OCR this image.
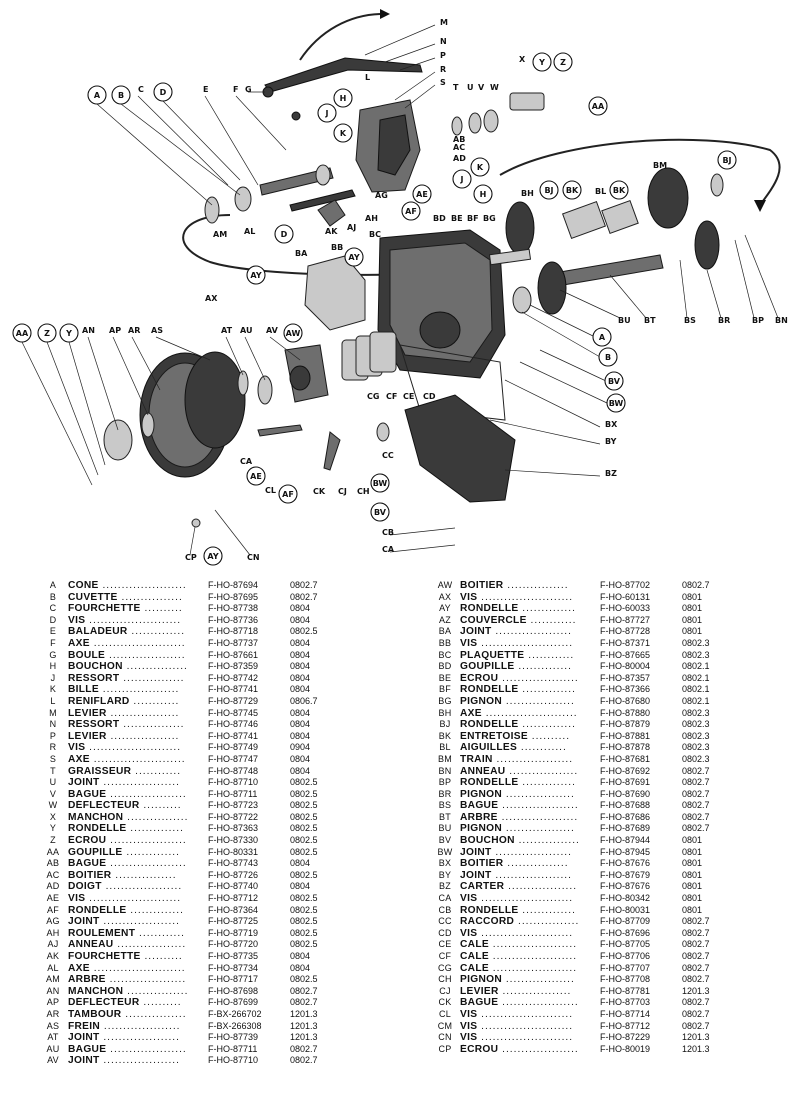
A B	D
J
H
K
K
J
H
Y Z
AA
BJ
BJ BK	BK
AE
AF
D
AY
AY
AA Z Y	AW	A
B
BV
BW
AE
AF
BW
BV
AY
C	E	F G
M
N
P
R
S
T U V W
X
L
AB
AC
AD
AG
AH
AJ
AK
AL
AM
BD BE BF BG
BH	BL
BM
BA
BB
BC
AX
AN AP AR AS	AT AU AV
BU BT	BS	BR	BP BN
CG CF CE CD
BX
BY
BZ
CA
CL	CK CJ CH
CC
CB
CA
CP	CN
A	CONE ......................	F-HO-87694	0802.7
B	CUVETTE ................	F-HO-87695	0802.7
C	FOURCHETTE ..........	F-HO-87738	0804
D	VIS ........................	F-HO-87736	0804
E	BALADEUR ..............	F-HO-87718	0802.5
F	AXE ........................	F-HO-87737	0804
G	BOULE ....................	F-HO-87661	0804
H	BOUCHON ................	F-HO-87359	0804
J	RESSORT ................	F-HO-87742	0804
K	BILLE ....................	F-HO-87741	0804
L	RENIFLARD ............	F-HO-87729	0806.7
M	LEVIER ..................	F-HO-87745	0804
N	RESSORT ................	F-HO-87746	0804
P	LEVIER ..................	F-HO-87741	0804
R	VIS ........................	F-HO-87749	0904
S	AXE ........................	F-HO-87747	0804
T	GRAISSEUR ............	F-HO-87748	0804
U	JOINT ....................	F-HO-87710	0802.5
V	BAGUE ....................	F-HO-87711	0802.5
W	DÉFLECTEUR ..........	F-HO-87723	0802.5
X	MANCHON ................	F-HO-87722	0802.5
Y	RONDELLE ..............	F-HO-87363	0802.5
Z	ÉCROU ....................	F-HO-87330	0802.5
AA GOUPILLE ..............	F-HO-80331	0802.5
AB BAGUE ....................	F-HO-87743	0804
AC BOITIER ................	F-HO-87726	0802.5
AD DOIGT ....................	F-HO-87740	0804
AE VIS ........................	F-HO-87712	0802.5
AF RONDELLE ..............	F-HO-87364	0802.5
AG JOINT ....................	F-HO-87725	0802.5
AH ROULEMENT ............	F-HO-87719	0802.5
AJ ANNEAU ..................	F-HO-87720	0802.5
AK FOURCHETTE ..........	F-HO-87735	0804
AL AXE ........................	F-HO-87734	0804
AM ARBRE ....................	F-HO-87717	0802.5
AN MANCHON ................	F-HO-87698	0802.7
AP DÉFLECTEUR ..........	F-HO-87699	0802.7
AR TAMBOUR ................	F-BX-266702	1201.3
AS FREIN ....................	F-BX-266308	1201.3
AT JOINT ....................	F-HO-87739	1201.3
AU BAGUE ....................	F-HO-87711	0802.7
AV JOINT ....................	F-HO-87710	0802.7
AW BOITIER ................	F-HO-87702	0802.7
AX VIS ........................	F-HO-60131	0801
AY RONDELLE ..............	F-HO-60033	0801
AZ COUVERCLE ............	F-HO-87727	0801
BA JOINT ....................	F-HO-87728	0801
BB VIS ........................	F-HO-87371	0802.3
BC PLAQUETTE ............	F-HO-87665	0802.3
BD GOUPILLE ..............	F-HO-80004	0802.1
BE ÉCROU ....................	F-HO-87357	0802.1
BF RONDELLE ..............	F-HO-87366	0802.1
BG PIGNON ..................	F-HO-87680	0802.1
BH AXE ........................	F-HO-87880	0802.3
BJ RONDELLE ..............	F-HO-87879	0802.3
BK ENTRETOISE ..........	F-HO-87881	0802.3
BL AIGUILLES ............	F-HO-87878	0802.3
BM TRAIN ....................	F-HO-87681	0802.3
BN ANNEAU ..................	F-HO-87692	0802.7
BP RONDELLE ..............	F-HO-87691	0802.7
BR PIGNON ..................	F-HO-87690	0802.7
BS BAGUE ....................	F-HO-87688	0802.7
BT ARBRE ....................	F-HO-87686	0802.7
BU PIGNON ..................	F-HO-87689	0802.7
BV BOUCHON ................	F-HO-87944	0801
BW JOINT ....................	F-HO-87945	0801
BX BOITIER ................	F-HO-87676	0801
BY JOINT ....................	F-HO-87679	0801
BZ CARTER ..................	F-HO-87676	0801
CA VIS ........................	F-HO-80342	0801
CB RONDELLE ..............	F-HO-80031	0801
CC RACCORD ................	F-HO-87709	0802.7
CD VIS ........................	F-HO-87696	0802.7
CE CALE ......................	F-HO-87705	0802.7
CF CALE ......................	F-HO-87706	0802.7
CG CALE ......................	F-HO-87707	0802.7
CH PIGNON ..................	F-HO-87708	0802.7
CJ LEVIER ..................	F-HO-87781	1201.3
CK BAGUE ....................	F-HO-87703	0802.7
CL VIS ........................	F-HO-87714	0802.7
CM VIS ........................	F-HO-87712	0802.7
CN VIS ........................	F-HO-87229	1201.3
CP ÉCROU ....................	F-HO-80019	1201.3
